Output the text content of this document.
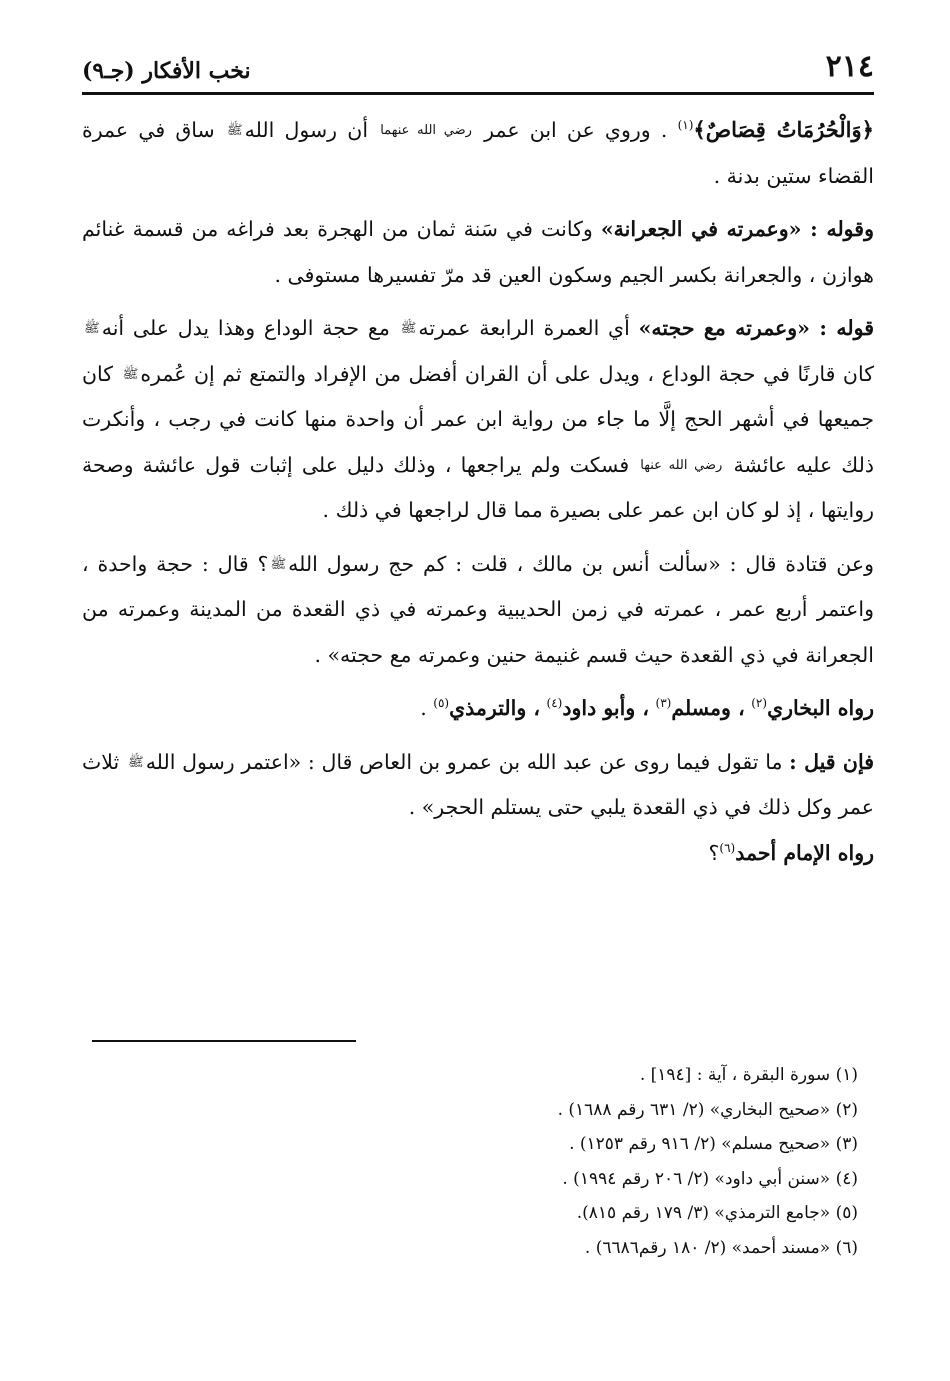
٢١٤
نخب الأفكار (جـ٩)
﴿وَالْحُرُمَاتُ قِصَاصٌ﴾$^{(١)}$ . وروي عن ابن عمر رضي الله عنهما أن رسول اللهﷺ ساق في عمرة القضاء ستين بدنة .
وقوله : «وعمرته في الجعرانة» وكانت في سَنة ثمان من الهجرة بعد فراغه من قسمة غنائم هوازن ، والجعرانة بكسر الجيم وسكون العين قد مرّ تفسيرها مستوفى .
قوله : «وعمرته مع حجته» أي العمرة الرابعة عمرتهﷺ مع حجة الوداع وهذا يدل على أنهﷺ كان قارنًا في حجة الوداع ، ويدل على أن القران أفضل من الإفراد والتمتع ثم إن عُمرهﷺ كان جميعها في أشهر الحج إلَّا ما جاء من رواية ابن عمر أن واحدة منها كانت في رجب ، وأنكرت ذلك عليه عائشة رضي الله عنها فسكت ولم يراجعها ، وذلك دليل على إثبات قول عائشة وصحة روايتها ، إذ لو كان ابن عمر على بصيرة مما قال لراجعها في ذلك .
وعن قتادة قال : «سألت أنس بن مالك ، قلت : كم حج رسول اللهﷺ؟ قال : حجة واحدة ، واعتمر أربع عمر ، عمرته في زمن الحديبية وعمرته في ذي القعدة من المدينة وعمرته من الجعرانة في ذي القعدة حيث قسم غنيمة حنين وعمرته مع حجته» .
رواه البخاري$^{(٢)}$ ، ومسلم$^{(٣)}$ ، وأبو داود$^{(٤)}$ ، والترمذي$^{(٥)}$ .
فإن قيل : ما تقول فيما روى عن عبد الله بن عمرو بن العاص قال : «اعتمر رسول اللهﷺ ثلاث عمر وكل ذلك في ذي القعدة يلبي حتى يستلم الحجر» .
رواه الإمام أحمد$^{(٦)}$؟

(١) سورة البقرة ، آية : [١٩٤] .

(٢) «صحيح البخاري» (٢/ ٦٣١ رقم ١٦٨٨) .

(٣) «صحيح مسلم» (٢/ ٩١٦ رقم ١٢٥٣) .

(٤) «سنن أبي داود» (٢/ ٢٠٦ رقم ١٩٩٤) .

(٥) «جامع الترمذي» (٣/ ١٧٩ رقم ٨١٥).

(٦) «مسند أحمد» (٢/ ١٨٠ رقم٦٦٨٦) .
